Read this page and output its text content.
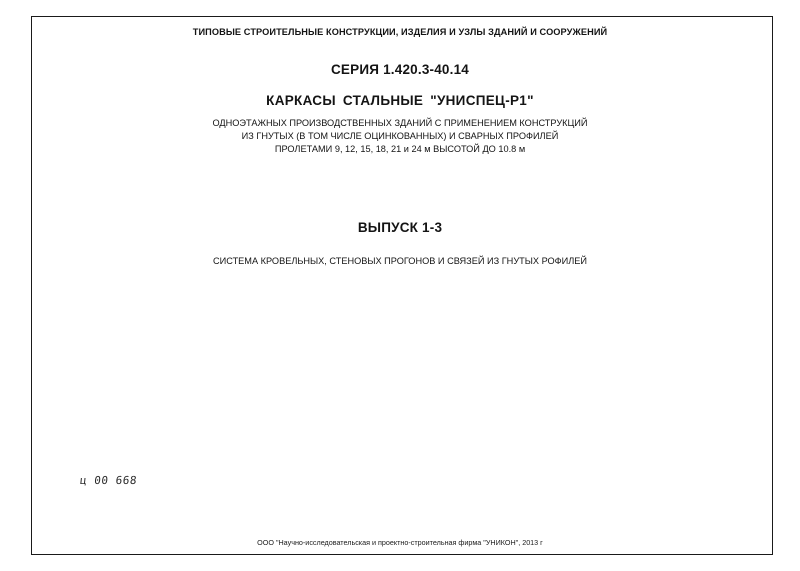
ТИПОВЫЕ СТРОИТЕЛЬНЫЕ КОНСТРУКЦИИ, ИЗДЕЛИЯ И УЗЛЫ ЗДАНИЙ И СООРУЖЕНИЙ
СЕРИЯ 1.420.3-40.14
КАРКАСЫ СТАЛЬНЫЕ "УНИСПЕЦ-Р1"
ОДНОЭТАЖНЫХ ПРОИЗВОДСТВЕННЫХ ЗДАНИЙ С ПРИМЕНЕНИЕМ КОНСТРУКЦИЙ
ИЗ ГНУТЫХ (В ТОМ ЧИСЛЕ ОЦИНКОВАННЫХ) И СВАРНЫХ ПРОФИЛЕЙ
ПРОЛЕТАМИ 9, 12, 15, 18, 21 и 24 м ВЫСОТОЙ ДО 10.8 м
ВЫПУСК 1-3
СИСТЕМА КРОВЕЛЬНЫХ, СТЕНОВЫХ ПРОГОНОВ И СВЯЗЕЙ ИЗ ГНУТЫХ РОФИЛЕЙ
ц 00 668
ООО "Научно-исследовательская и проектно-строительная фирма "УНИКОН", 2013 г
